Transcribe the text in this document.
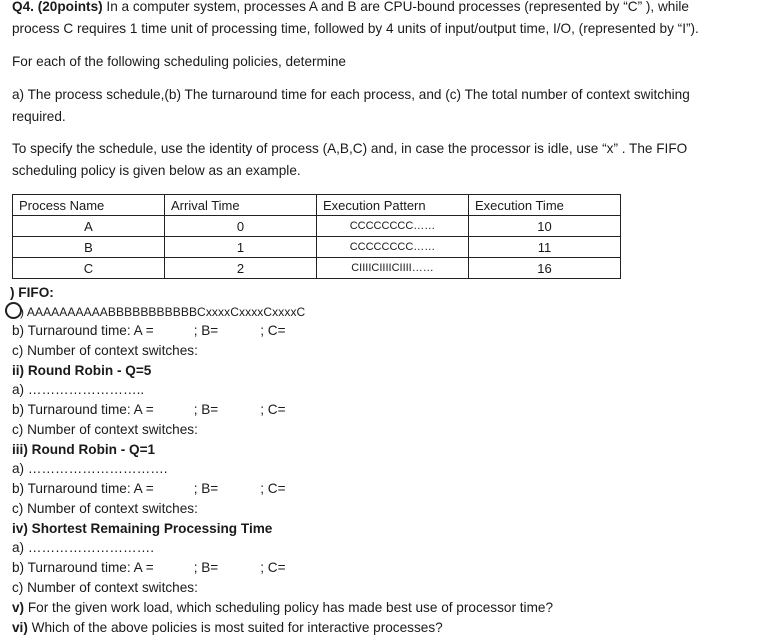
Q4. (20points) In a computer system, processes A and B are CPU-bound processes (represented by “C” ), while
process C requires 1 time unit of processing time, followed by 4 units of input/output time, I/O, (represented by “I”).
For each of the following scheduling policies, determine
a) The process schedule,(b) The turnaround time for each process, and (c) The total number of context switching
required.
To specify the schedule, use the identity of process (A,B,C) and, in case the processor is idle, use “x” . The FIFO
scheduling policy is given below as an example.
Process Name	Arrival Time	Execution Pattern	Execution Time
A	0	CCCCCCCC……	10
B	1	CCCCCCCC……	11
C	2	CIIIICIIIICIIII……	16
) FIFO:
) AAAAAAAAAABBBBBBBBBBBCxxxxCxxxxCxxxxC
b) Turnaround time: A =	; B=	; C=
c) Number of context switches:
ii) Round Robin - Q=5
a) ……………………..
b) Turnaround time: A =	; B=	; C=
c) Number of context switches:
iii) Round Robin - Q=1
a) ………………………….
b) Turnaround time: A =	; B=	; C=
c) Number of context switches:
iv) Shortest Remaining Processing Time
a) ……………………….
b) Turnaround time: A =	; B=	; C=
c) Number of context switches:
v) For the given work load, which scheduling policy has made best use of processor time?
vi) Which of the above policies is most suited for interactive processes?
